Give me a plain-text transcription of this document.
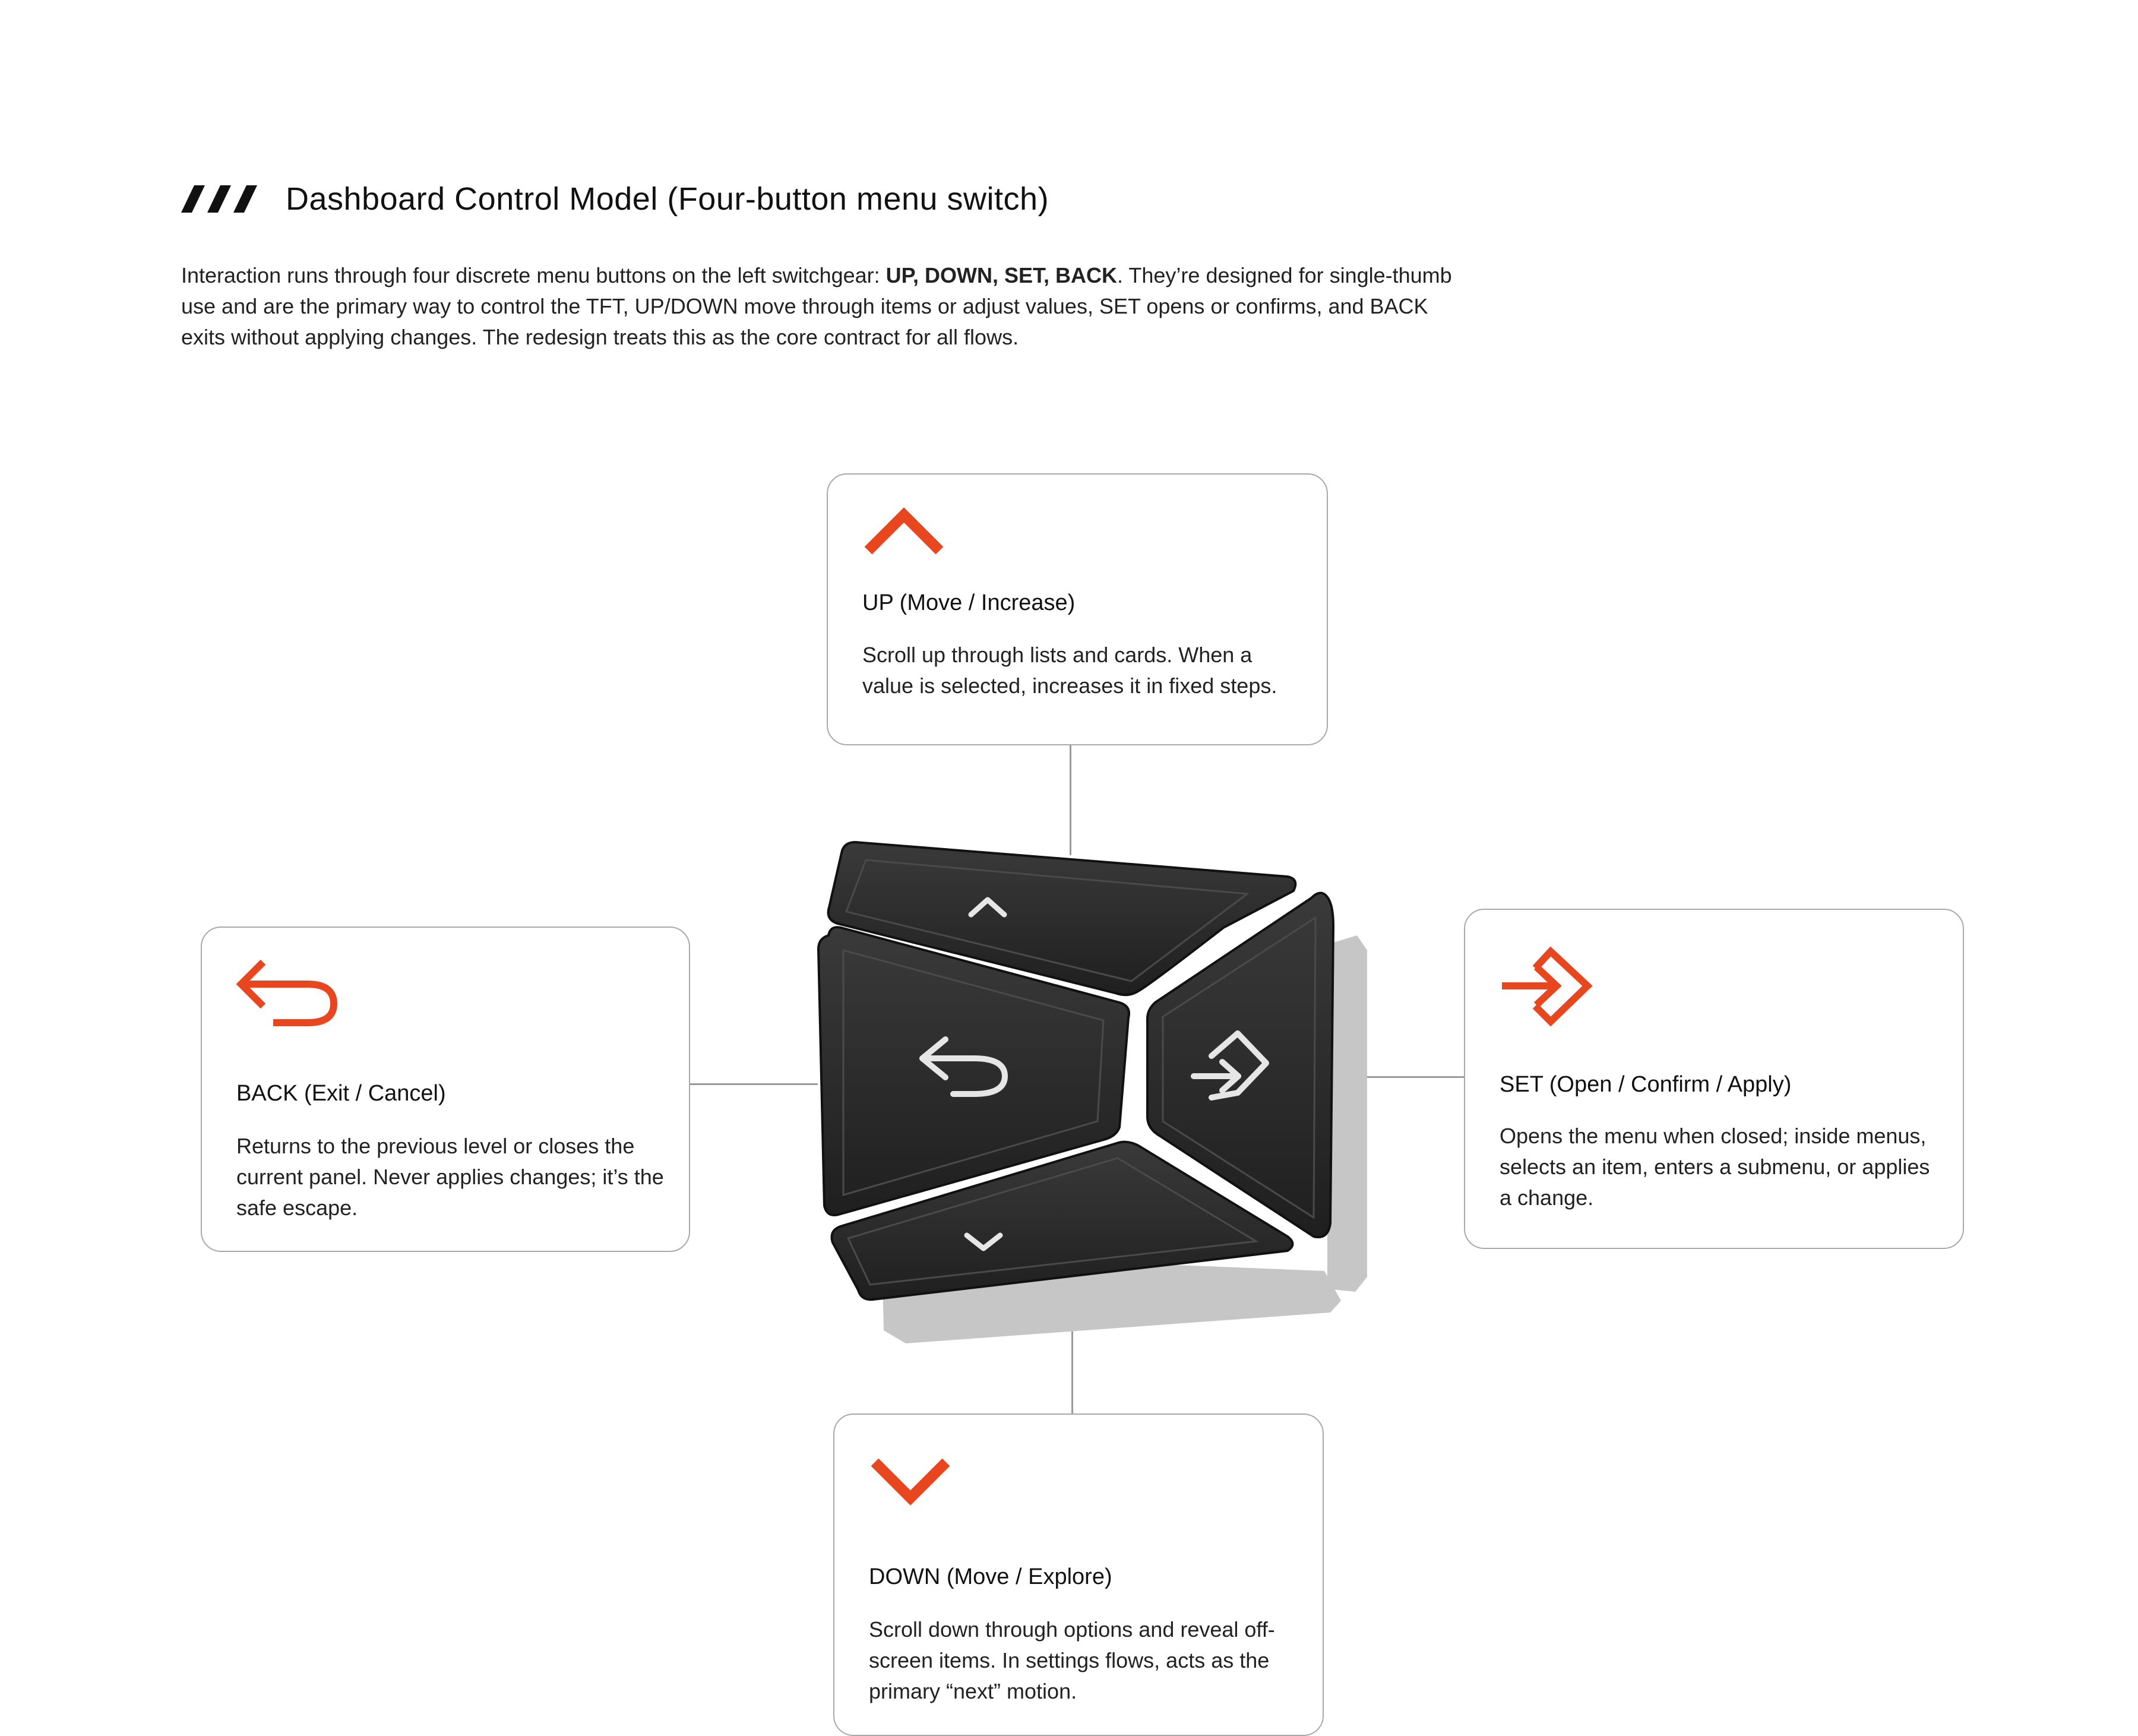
Dashboard Control Model (Four-button menu switch)
Interaction runs through four discrete menu buttons on the left switchgear: UP, DOWN, SET, BACK. They’re designed for single-thumb use and are the primary way to control the TFT, UP/DOWN move through items or adjust values, SET opens or confirms, and BACK exits without applying changes. The redesign treats this as the core contract for all flows.
UP (Move / Increase)
Scroll up through lists and cards. When a value is selected, increases it in fixed steps.
BACK (Exit / Cancel)
Returns to the previous level or closes the current panel. Never applies changes; it’s the safe escape.
SET (Open / Confirm / Apply)
Opens the menu when closed; inside menus, selects an item, enters a submenu, or applies a change.
DOWN (Move / Explore)
Scroll down through options and reveal off-screen items. In settings flows, acts as the primary “next” motion.
